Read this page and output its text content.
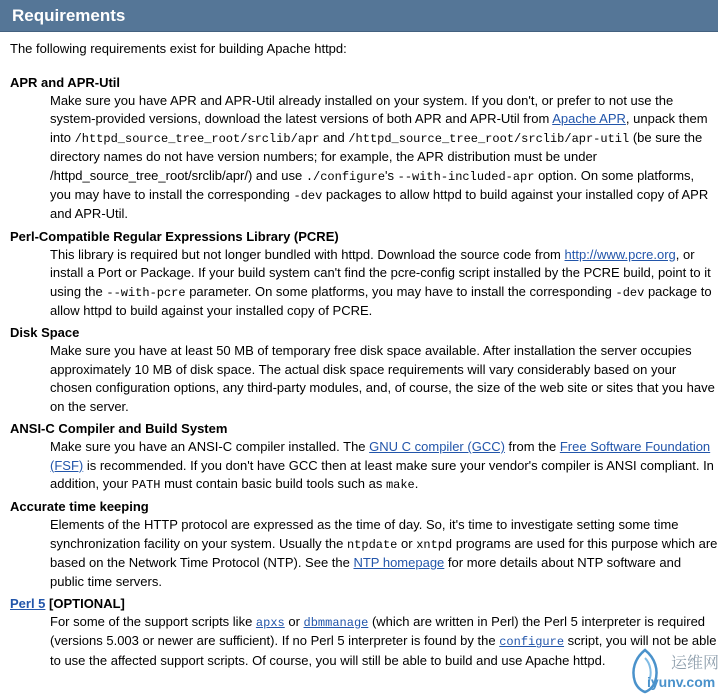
Requirements

The following requirements exist for building Apache httpd:

APR and APR-Util
Make sure you have APR and APR-Util already installed on your system. If you don't, or prefer to not use the system-provided versions, download the latest versions of both APR and APR-Util from Apache APR, unpack them into /httpd_source_tree_root/srclib/apr and /httpd_source_tree_root/srclib/apr-util (be sure the directory names do not have version numbers; for example, the APR distribution must be under /httpd_source_tree_root/srclib/apr/) and use ./configure's --with-included-apr option. On some platforms, you may have to install the corresponding -dev packages to allow httpd to build against your installed copy of APR and APR-Util.
Perl-Compatible Regular Expressions Library (PCRE)
This library is required but not longer bundled with httpd. Download the source code from http://www.pcre.org, or install a Port or Package. If your build system can't find the pcre-config script installed by the PCRE build, point to it using the --with-pcre parameter. On some platforms, you may have to install the corresponding -dev package to allow httpd to build against your installed copy of PCRE.
Disk Space
Make sure you have at least 50 MB of temporary free disk space available. After installation the server occupies approximately 10 MB of disk space. The actual disk space requirements will vary considerably based on your chosen configuration options, any third-party modules, and, of course, the size of the web site or sites that you have on the server.
ANSI-C Compiler and Build System
Make sure you have an ANSI-C compiler installed. The GNU C compiler (GCC) from the Free Software Foundation (FSF) is recommended. If you don't have GCC then at least make sure your vendor's compiler is ANSI compliant. In addition, your PATH must contain basic build tools such as make.
Accurate time keeping
Elements of the HTTP protocol are expressed as the time of day. So, it's time to investigate setting some time synchronization facility on your system. Usually the ntpdate or xntpd programs are used for this purpose which are based on the Network Time Protocol (NTP). See the NTP homepage for more details about NTP software and public time servers.
Perl 5 [OPTIONAL]
For some of the support scripts like apxs or dbmmanage (which are written in Perl) the Perl 5 interpreter is required (versions 5.003 or newer are sufficient). If no Perl 5 interpreter is found by the configure script, you will not be able to use the affected support scripts. Of course, you will still be able to build and use Apache httpd.	运维网
iyunv.com
